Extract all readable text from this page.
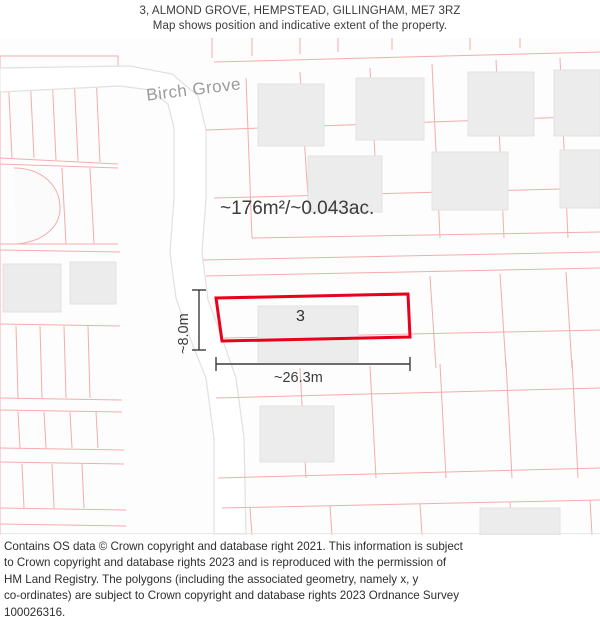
3, ALMOND GROVE, HEMPSTEAD, GILLINGHAM, ME7 3RZ
Map shows position and indicative extent of the property.
Birch Grove
~176m²/~0.043ac.
3
~8.0m
~26.3m

Contains OS data © Crown copyright and database right 2021. This information is subject

to Crown copyright and database rights 2023 and is reproduced with the permission of

HM Land Registry. The polygons (including the associated geometry, namely x, y

co-ordinates) are subject to Crown copyright and database rights 2023 Ordnance Survey

100026316.
